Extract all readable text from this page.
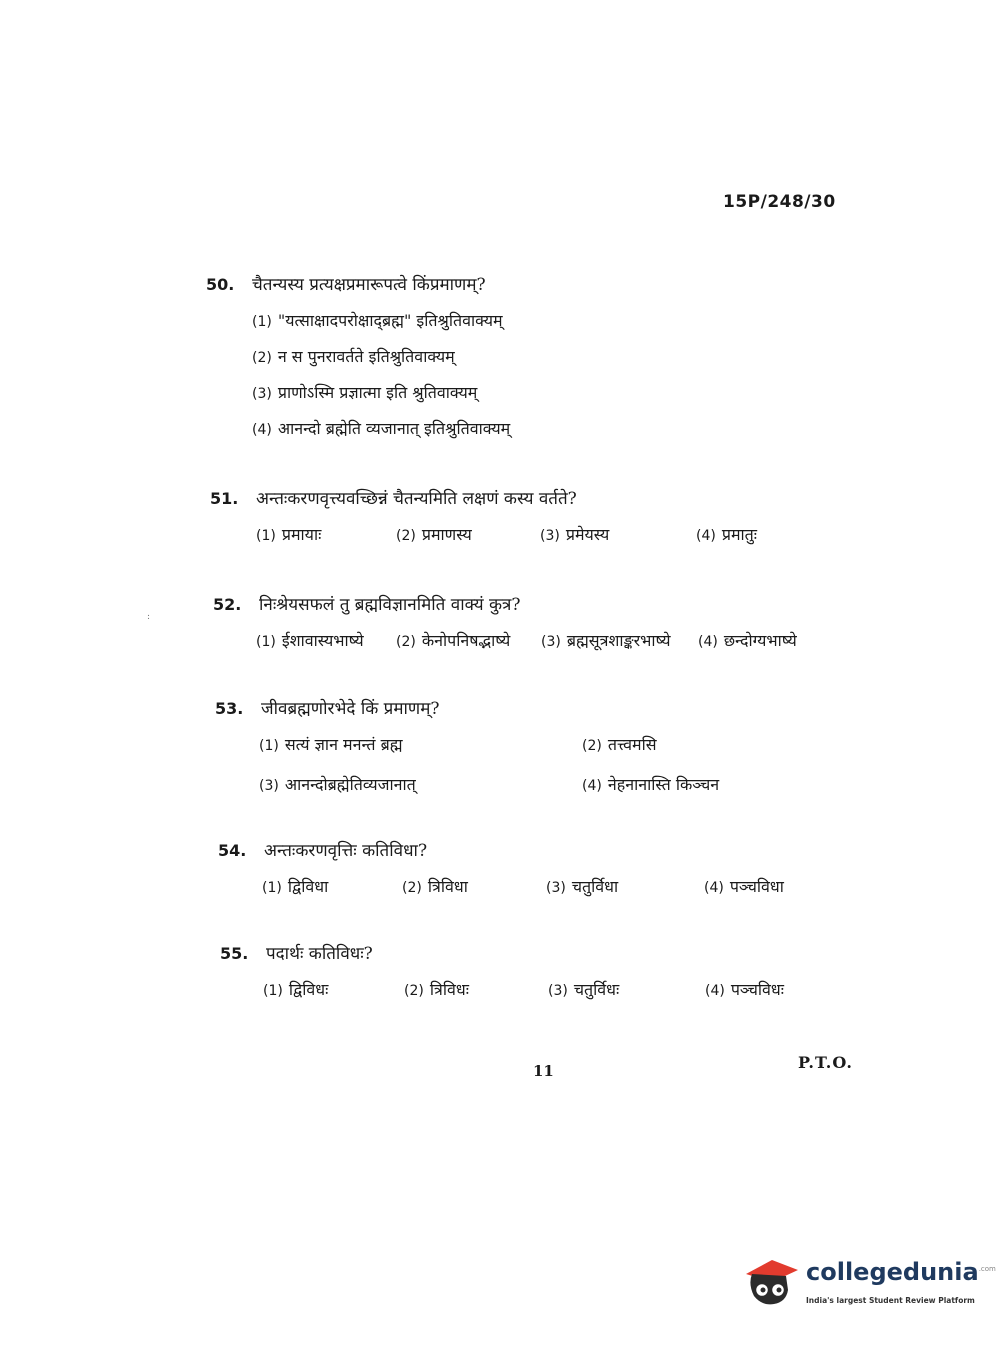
15P/248/30
:
50.	चैतन्यस्य प्रत्यक्षप्रमारूपत्वे किंप्रमाणम्?
(1) "यत्साक्षादपरोक्षाद्ब्रह्म" इतिश्रुतिवाक्यम्
(2) न स पुनरावर्तते इतिश्रुतिवाक्यम्
(3) प्राणोऽस्मि प्रज्ञात्मा इति श्रुतिवाक्यम्
(4) आनन्दो ब्रह्मेति व्यजानात् इतिश्रुतिवाक्यम्
51.	अन्तःकरणवृत्त्यवच्छिन्नं चैतन्यमिति लक्षणं कस्य वर्तते?
(1) प्रमायाः	(2) प्रमाणस्य	(3) प्रमेयस्य	(4) प्रमातुः
52.	निःश्रेयसफलं तु ब्रह्मविज्ञानमिति वाक्यं कुत्र?
(1) ईशावास्यभाष्ये (2) केनोपनिषद्भाष्ये (3) ब्रह्मसूत्रशाङ्करभाष्ये (4) छन्दोग्यभाष्ये
53.	जीवब्रह्मणोरभेदे किं प्रमाणम्?
(1) सत्यं ज्ञान मनन्तं ब्रह्म	(2) तत्त्वमसि
(3) आनन्दोब्रह्मेतिव्यजानात्	(4) नेहनानास्ति किञ्चन
54.	अन्तःकरणवृत्तिः कतिविधा?
(1) द्विविधा	(2) त्रिविधा	(3) चतुर्विधा	(4) पञ्चविधा
55.	पदार्थः कतिविधः?
(1) द्विविधः	(2) त्रिविधः	(3) चतुर्विधः	(4) पञ्चविधः
11	P.T.O.
collegedunia$^{.com}$
India's largest Student Review Platform
